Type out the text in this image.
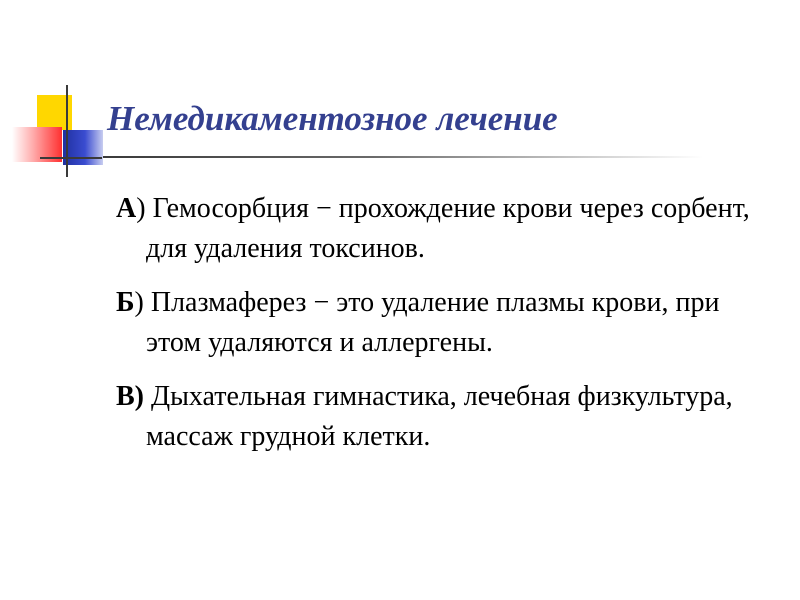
Немедикаментозное лечение
А) Гемосорбция − прохождение крови через сорбент, для удаления токсинов.
Б) Плазмаферез − это удаление плазмы крови, при этом удаляются и аллергены.
В) Дыхательная гимнастика, лечебная физкультура, массаж грудной клетки.
